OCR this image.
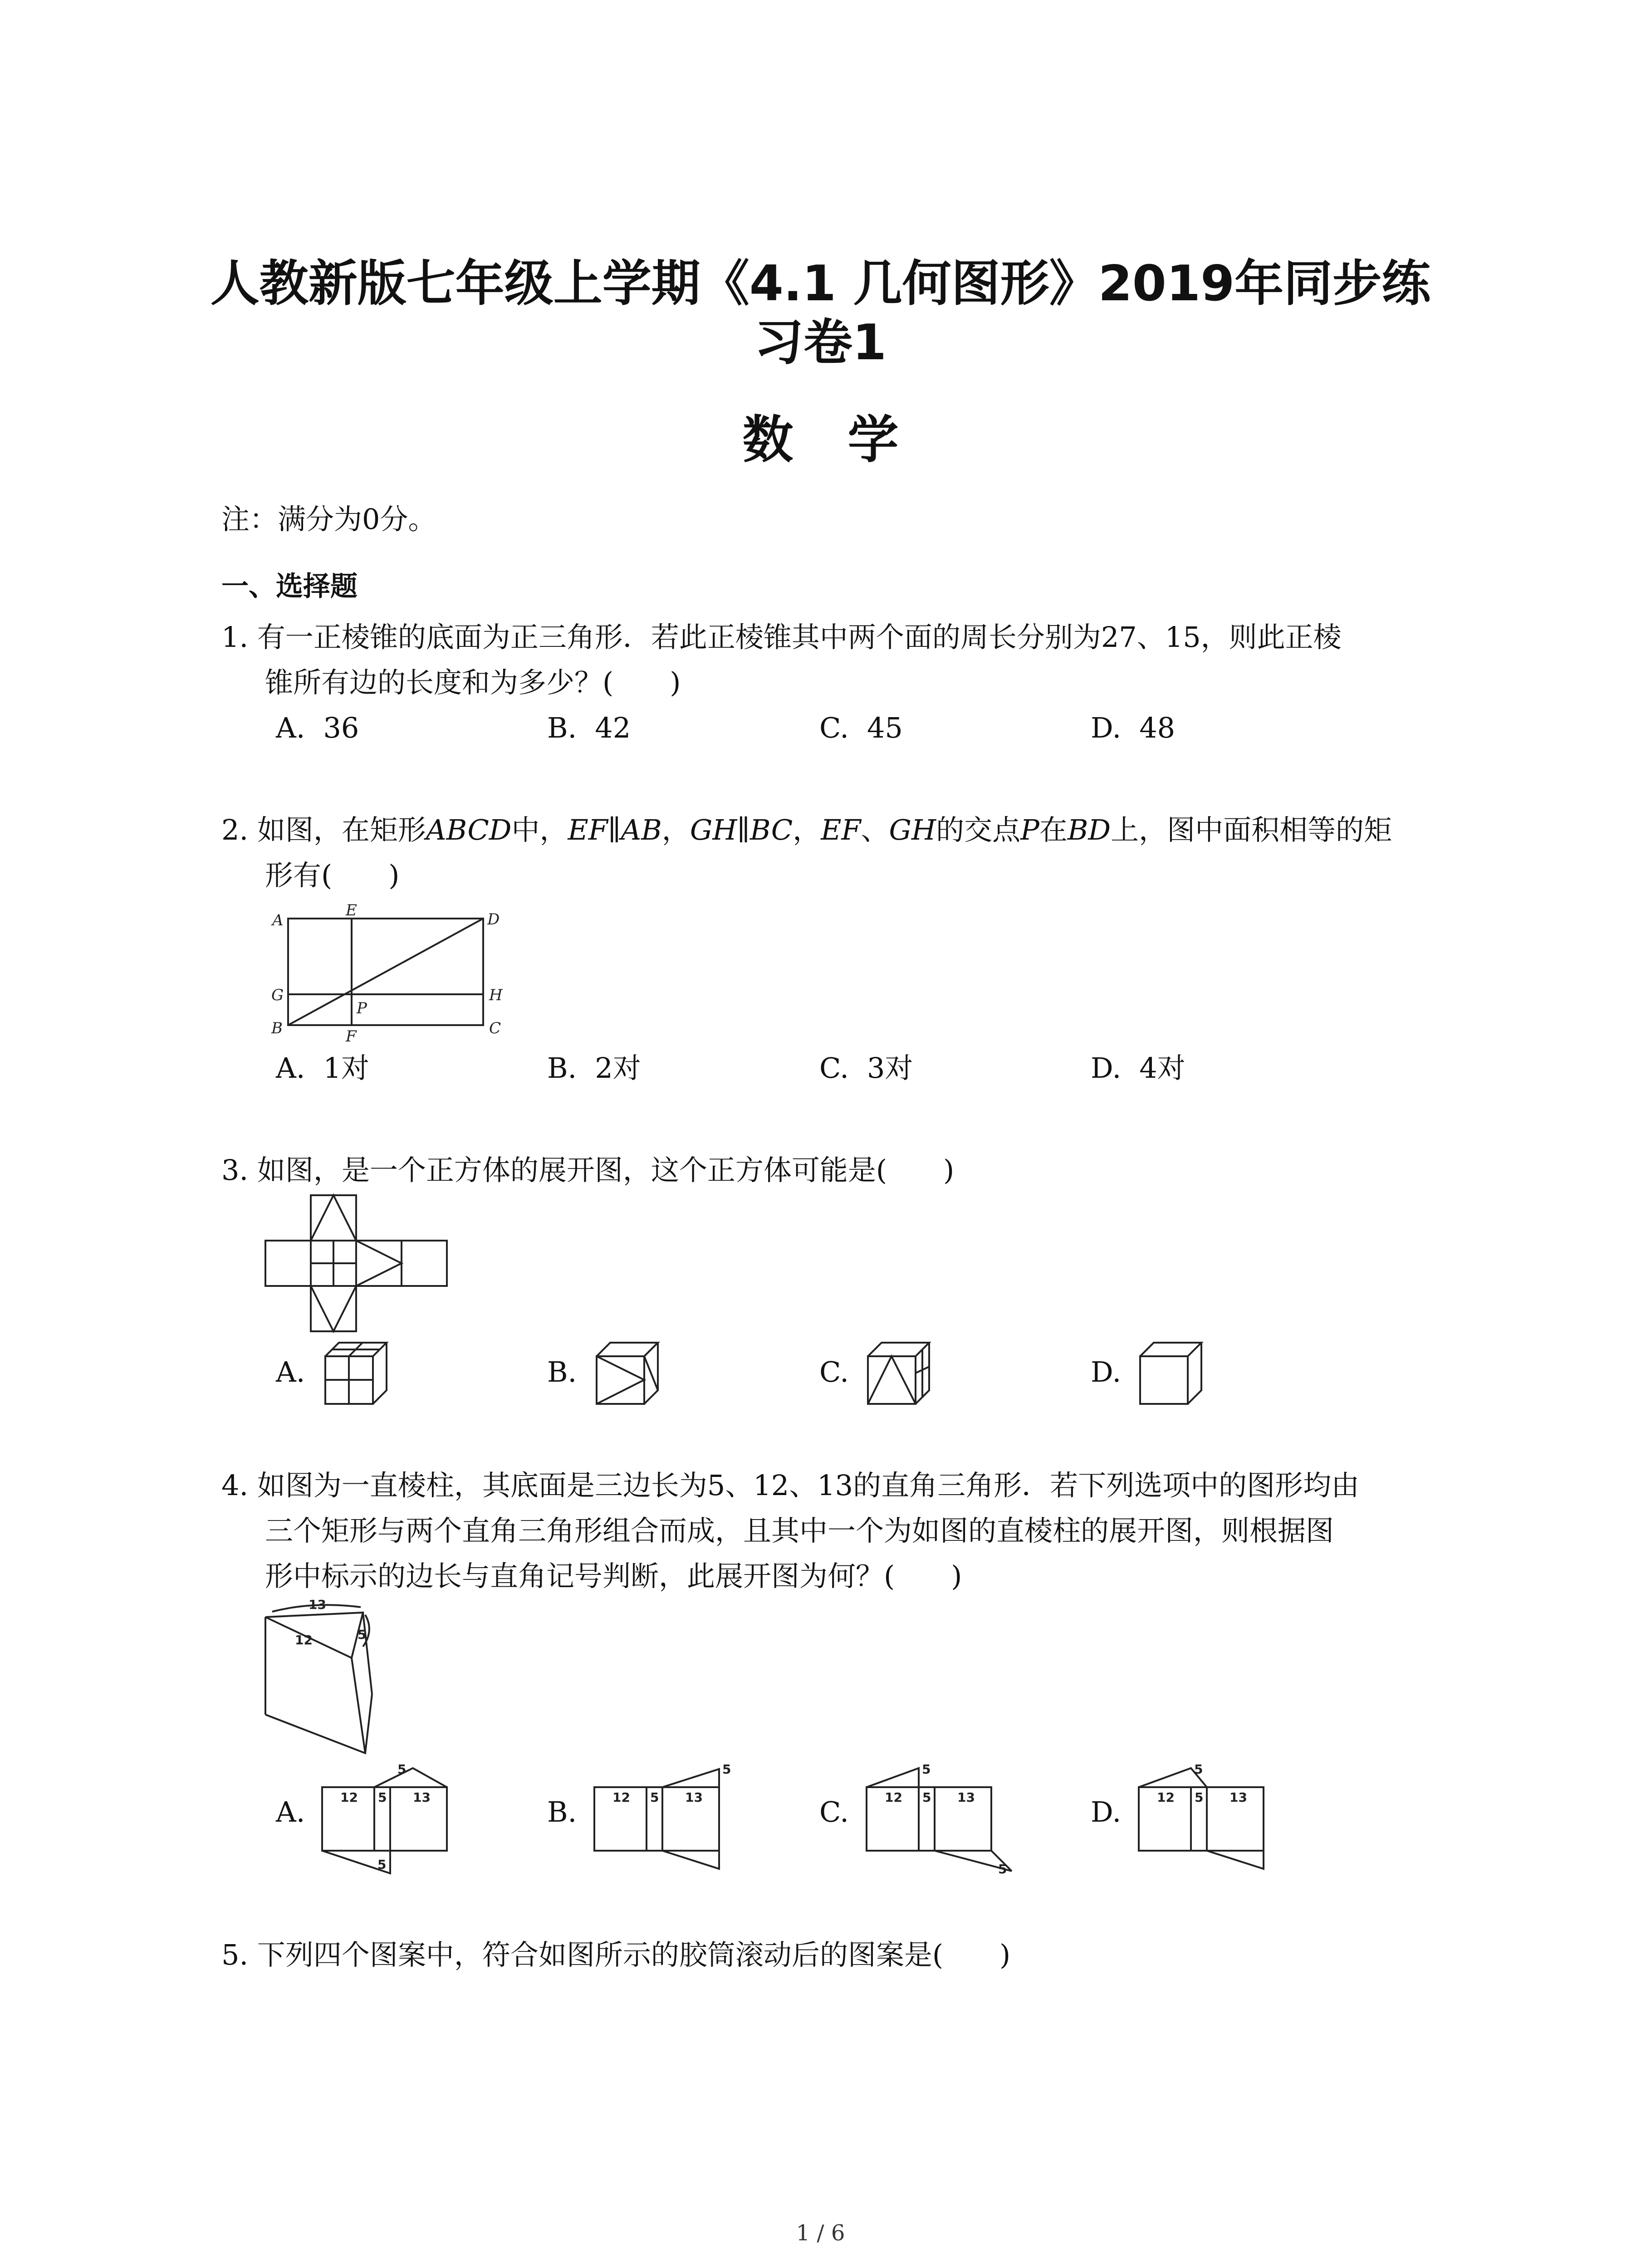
人教新版七年级上学期《4.1 几何图形》2019年同步练
习卷1
数学
注：满分为0分。
一、选择题
1. 有一正棱锥的底面为正三角形．若此正棱锥其中两个面的周长分别为27、15，则此正棱
锥所有边的长度和为多少？(　　)
A. 36	B. 42	C. 45	D. 48
2. 如图，在矩形ABCD中，EF∥AB，GH∥BC，EF、GH的交点P在BD上，图中面积相等的矩
形有(　　)
A
E	D
G	H
P
B	F	C
A. 1对	B. 2对	C. 3对	D. 4对
3. 如图，是一个正方体的展开图，这个正方体可能是(　　)
A.	B.	C.	D.
4. 如图为一直棱柱，其底面是三边长为5、12、13的直角三角形．若下列选项中的图形均由
三个矩形与两个直角三角形组合而成，且其中一个为如图的直棱柱的展开图，则根据图
形中标示的边长与直角记号判断，此展开图为何？(　　)
13
12	5
A.	12 5 13
5
5
B.	12 5 13
5
C.	12 5 13
5
5
D.	12 5 13
5
5. 下列四个图案中，符合如图所示的胶筒滚动后的图案是(　　)
1 / 6
